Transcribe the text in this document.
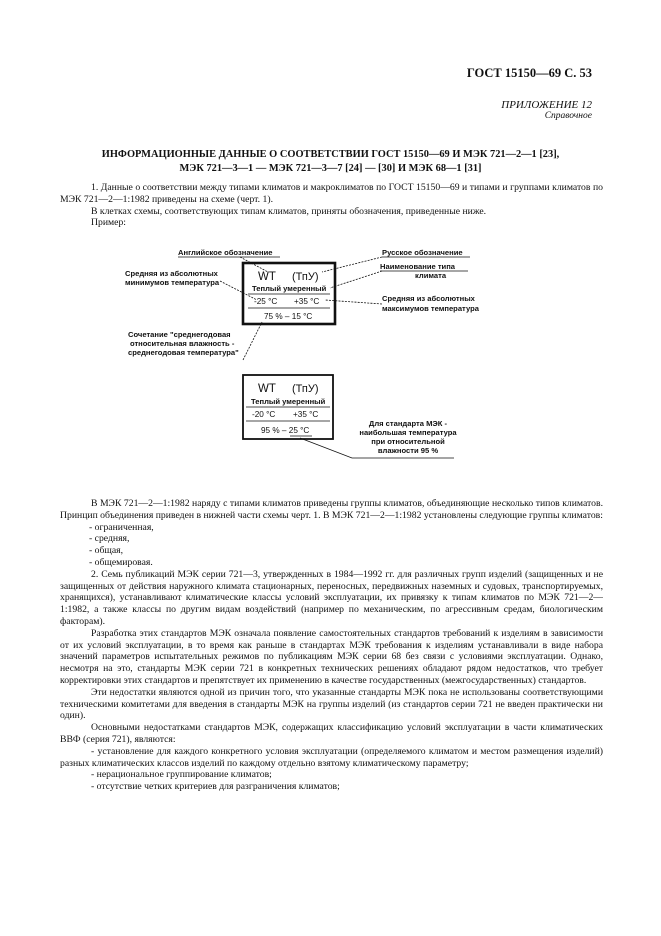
ГОСТ 15150—69 С. 53
ПРИЛОЖЕНИЕ 12
Справочное
ИНФОРМАЦИОННЫЕ ДАННЫЕ О СООТВЕТСТВИИ ГОСТ 15150—69 И МЭК 721—2—1 [23],
МЭК 721—3—1 — МЭК 721—3—7 [24] — [30] И МЭК 68—1 [31]

1. Данные о соответствии между типами климатов и макроклиматов по ГОСТ 15150—69 и типами и группами климатов по МЭК 721—2—1:1982 приведены на схеме (черт. 1).

В клетках схемы, соответствующих типам климатов, приняты обозначения, приведенные ниже.

Пример:

Английское обозначение	Русское обозначение
Средняя из абсолютных
минимумов температура
Наименование типа
климата
Средняя из абсолютных
максимумов температура
Сочетание "среднегодовая
относительная влажность -
среднегодовая температура"
WT (ТпУ)
Теплый умеренный
-25 °С +35 °С
75 % – 15 °С
WT (ТпУ)
Теплый умеренный
-20 °С +35 °С
95 % – 25 °С
Для стандарта МЭК -
наибольшая температура
при относительной
влажности 95 %

В МЭК 721—2—1:1982 наряду с типами климатов приведены группы климатов, объединяющие несколько типов климатов. Принцип объединения приведен в нижней части схемы черт. 1. В МЭК 721—2—1:1982 установлены следующие группы климатов:

- ограниченная,

- средняя,

- общая,

- общемировая.

2. Семь публикаций МЭК серии 721—3, утвержденных в 1984—1992 гг. для различных групп изделий (защищенных и не защищенных от действия наружного климата стационарных, переносных, передвижных наземных и судовых, транспортируемых, хранящихся), устанавливают климатические классы условий эксплуатации, их привязку к типам климатов по МЭК 721—2—1:1982, а также классы по другим видам воздействий (например по механическим, по агрессивным средам, биологическим факторам).

Разработка этих стандартов МЭК означала появление самостоятельных стандартов требований к изделиям в зависимости от их условий эксплуатации, в то время как раньше в стандартах МЭК требования к изделиям устанавливали в виде набора значений параметров испытательных режимов по публикациям МЭК серии 68 без связи с условиями эксплуатации. Однако, несмотря на это, стандарты МЭК серии 721 в конкретных технических решениях обладают рядом недостатков, что требует корректировки этих стандартов и препятствует их применению в качестве государственных (межгосударственных) стандартов.

Эти недостатки являются одной из причин того, что указанные стандарты МЭК пока не использованы соответствующими техническими комитетами для введения в стандарты МЭК на группы изделий (из стандартов серии 721 не введен практически ни один).

Основными недостатками стандартов МЭК, содержащих классификацию условий эксплуатации в части климатических ВВФ (серия 721), являются:

- установление для каждого конкретного условия эксплуатации (определяемого климатом и местом размещения изделий) разных климатических классов изделий по каждому отдельно взятому климатическому параметру;

- нерациональное группирование климатов;

- отсутствие четких критериев для разграничения климатов;
